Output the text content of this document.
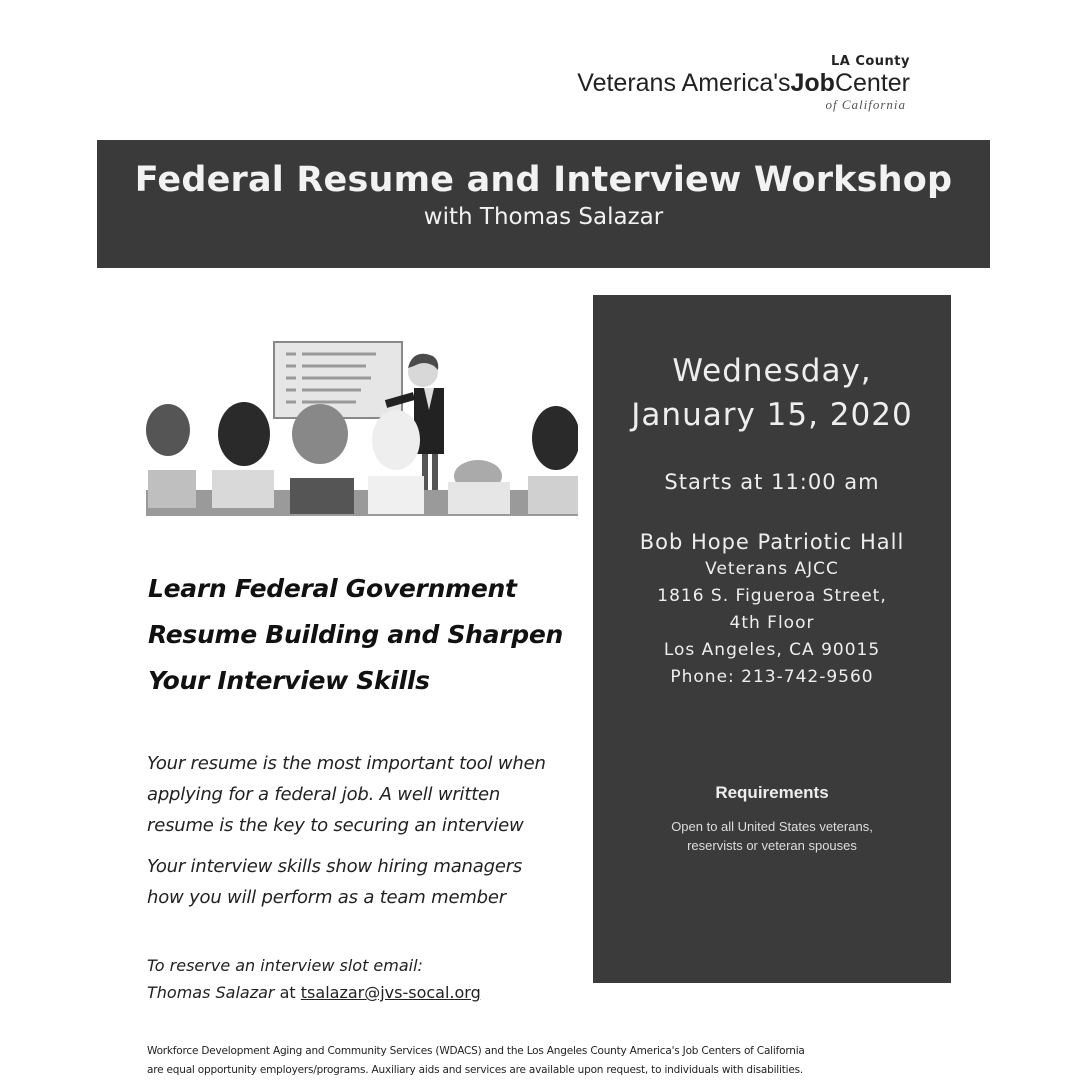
LA County
Veterans America'sJobCenter
of California
Federal Resume and Interview Workshop
with Thomas Salazar
Learn Federal Government
Resume Building and Sharpen
Your Interview Skills
Your resume is the most important tool when
applying for a federal job. A well written
resume is the key to securing an interview
Your interview skills show hiring managers
how you will perform as a team member
To reserve an interview slot email:
Thomas Salazar at tsalazar@jvs-socal.org
Wednesday,
January 15, 2020
Starts at 11:00 am
Bob Hope Patriotic Hall
Veterans AJCC
1816 S. Figueroa Street,
4th Floor
Los Angeles, CA 90015
Phone: 213-742-9560
Requirements
Open to all United States veterans,
reservists or veteran spouses
Workforce Development Aging and Community Services (WDACS) and the Los Angeles County America's Job Centers of California
are equal opportunity employers/programs. Auxiliary aids and services are available upon request, to individuals with disabilities.
